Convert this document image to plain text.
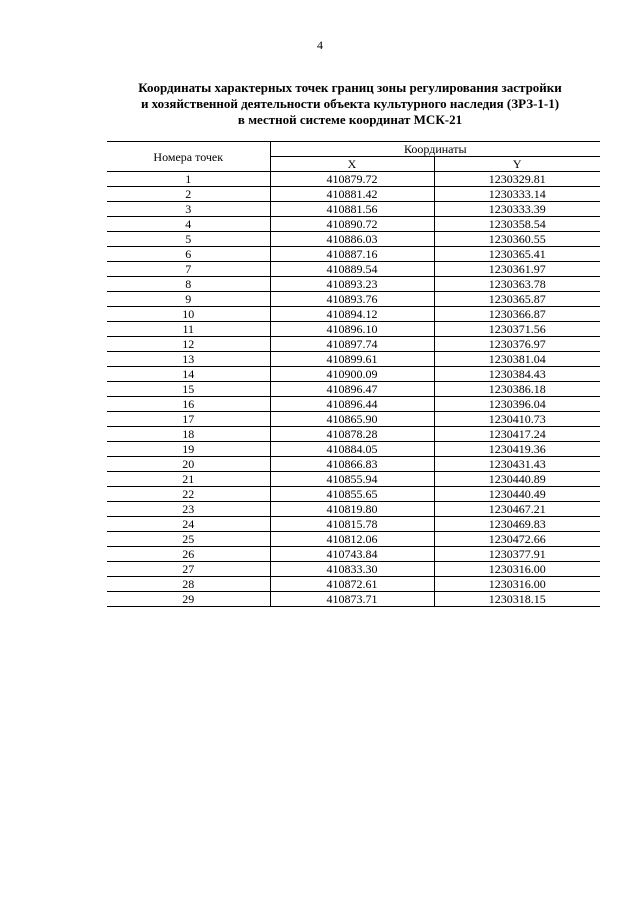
4
Координаты характерных точек границ зоны регулирования застройки
и хозяйственной деятельности объекта культурного наследия (ЗРЗ-1-1)
в местной системе координат МСК-21
Номера точек	Координаты	
	X	Y
1	410879.72	1230329.81
2	410881.42	1230333.14
3	410881.56	1230333.39
4	410890.72	1230358.54
5	410886.03	1230360.55
6	410887.16	1230365.41
7	410889.54	1230361.97
8	410893.23	1230363.78
9	410893.76	1230365.87
10	410894.12	1230366.87
11	410896.10	1230371.56
12	410897.74	1230376.97
13	410899.61	1230381.04
14	410900.09	1230384.43
15	410896.47	1230386.18
16	410896.44	1230396.04
17	410865.90	1230410.73
18	410878.28	1230417.24
19	410884.05	1230419.36
20	410866.83	1230431.43
21	410855.94	1230440.89
22	410855.65	1230440.49
23	410819.80	1230467.21
24	410815.78	1230469.83
25	410812.06	1230472.66
26	410743.84	1230377.91
27	410833.30	1230316.00
28	410872.61	1230316.00
29	410873.71	1230318.15
